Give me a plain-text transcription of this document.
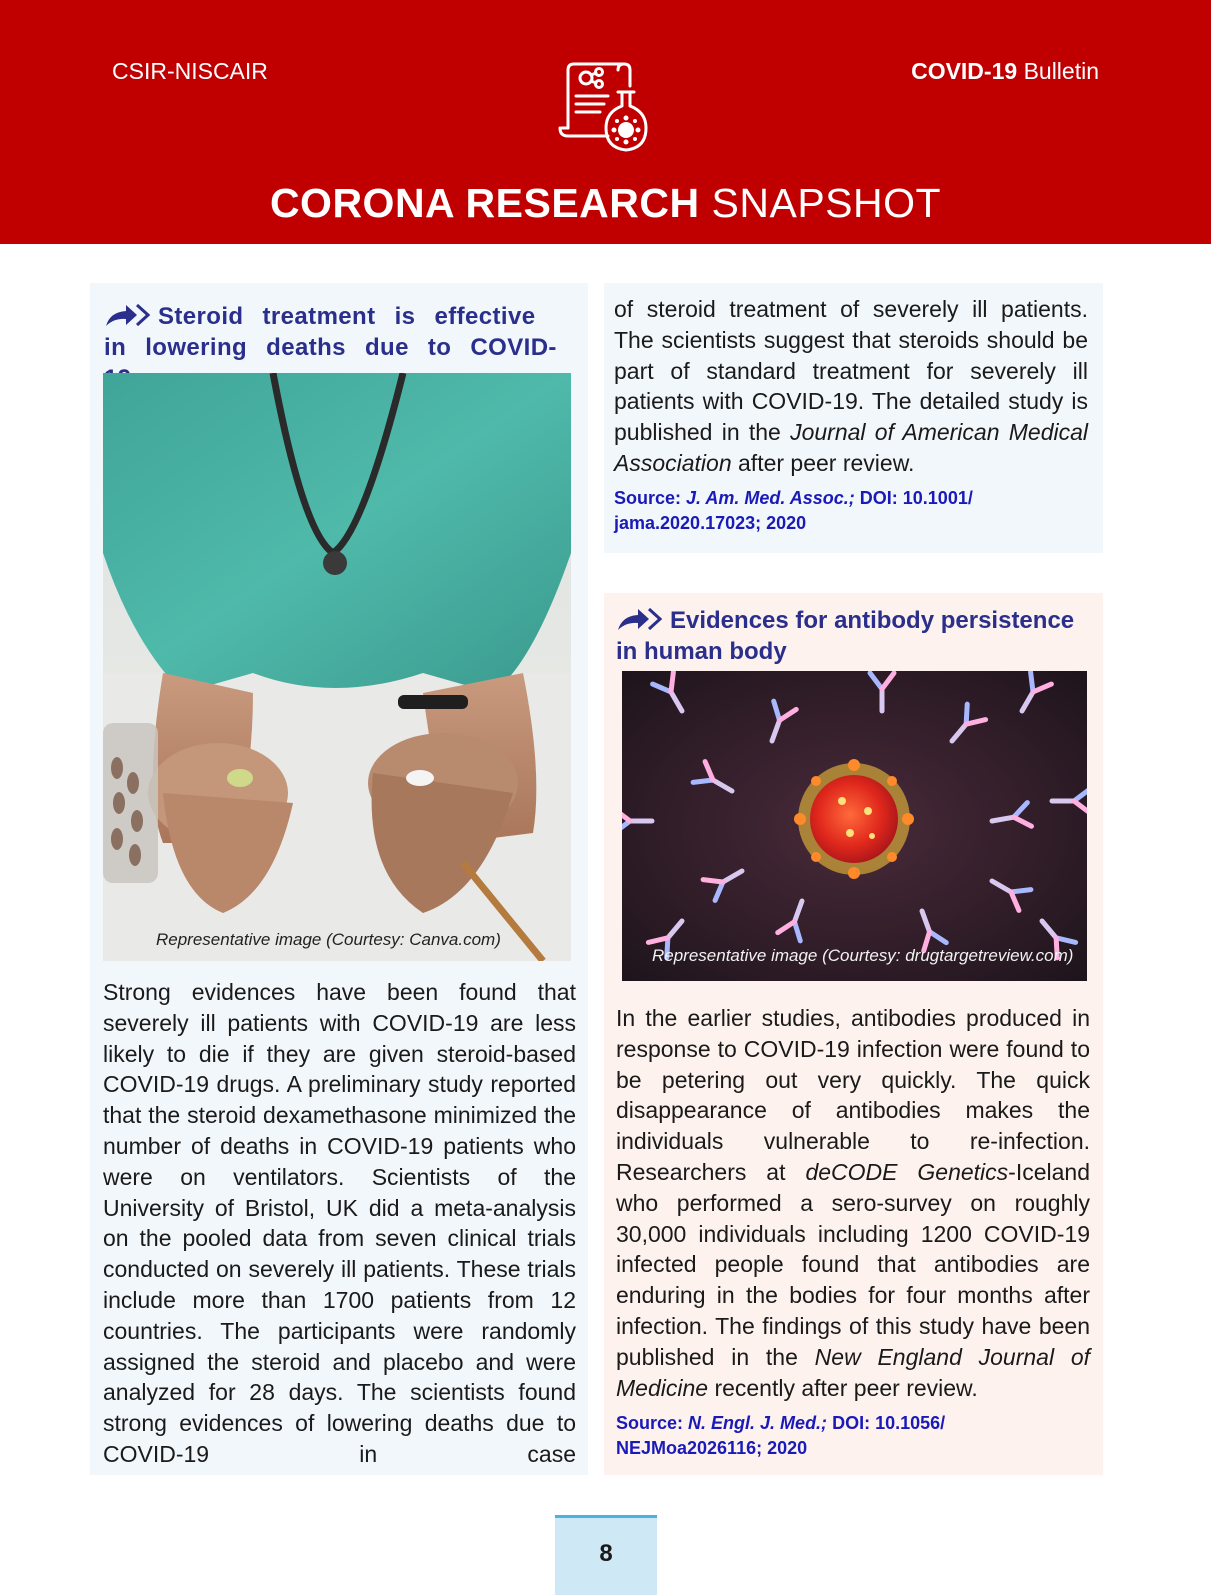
CSIR-NISCAIR	COVID-19 Bulletin
CORONA RESEARCH SNAPSHOT
Steroid treatment is effective in lowering deaths due to COVID-
Representative image (Courtesy: Canva.com)
Strong evidences have been found that severely ill patients with COVID-19 are less likely to die if they are given steroid-based COVID-19 drugs. A preliminary study reported that the steroid dexamethasone minimized the number of deaths in COVID-19 patients who were on ventilators. Scientists of the University of Bristol, UK did a meta-analysis on the pooled data from seven clinical trials conducted on severely ill patients. These trials include more than 1700 patients from 12 countries. The participants were randomly assigned the steroid and placebo and were analyzed for 28 days. The scientists found strong evidences of lowering deaths due to COVID-19 in case
of steroid treatment of severely ill patients. The scientists suggest that steroids should be part of standard treatment for severely ill patients with COVID-19. The detailed study is published in the Journal of American Medical Association after peer review.
Source: J. Am. Med. Assoc.; DOI: 10.1001/ jama.2020.17023; 2020
Evidences for antibody persistence in human body
Representative image (Courtesy: drugtargetreview.com)
In the earlier studies, antibodies produced in response to COVID-19 infection were found to be petering out very quickly. The quick disappearance of antibodies makes the individuals vulnerable to re-infection. Researchers at deCODE Genetics-Iceland who performed a sero-survey on roughly 30,000 individuals including 1200 COVID-19 infected people found that antibodies are enduring in the bodies for four months after infection. The findings of this study have been published in the New England Journal of Medicine recently after peer review.
Source: N. Engl. J. Med.; DOI: 10.1056/ NEJMoa2026116; 2020
8
